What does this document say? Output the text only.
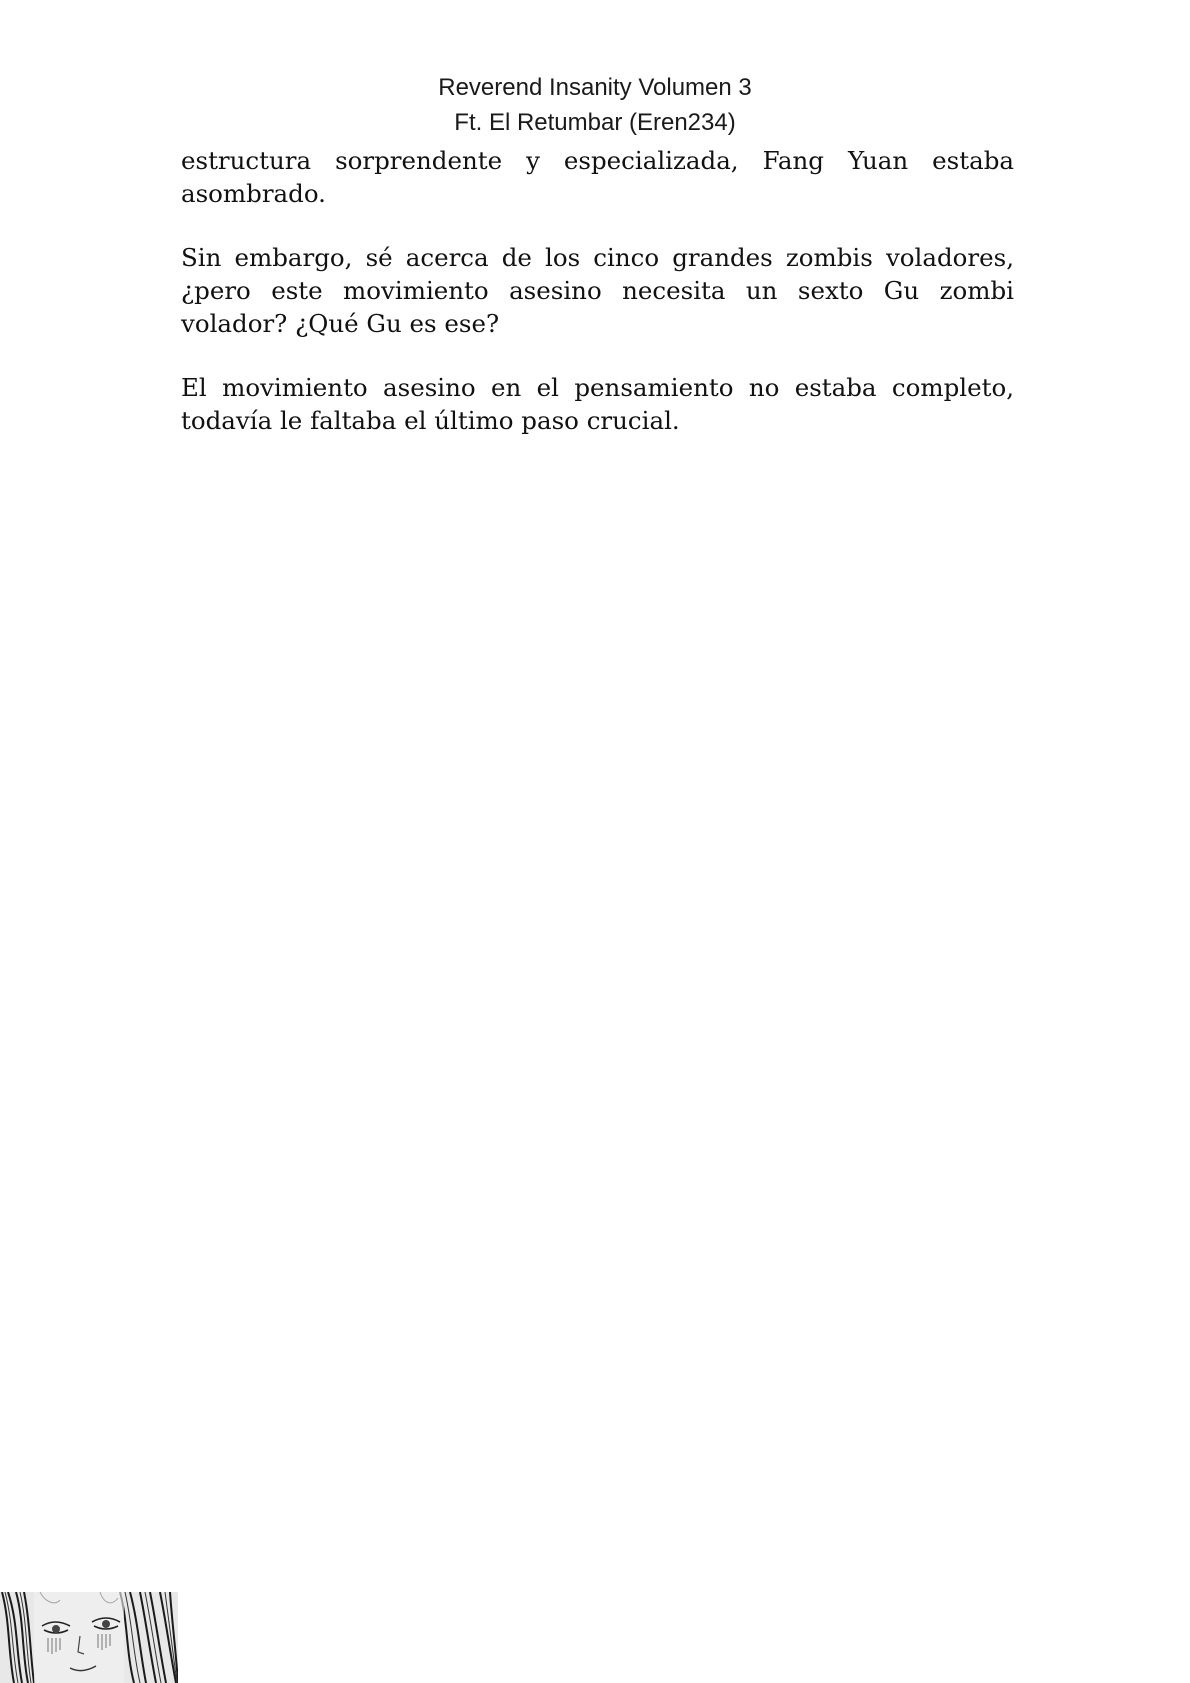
Reverend Insanity Volumen 3
Ft. El Retumbar (Eren234)

estructura sorprendente y especializada, Fang Yuan estaba asombrado.

Sin embargo, sé acerca de los cinco grandes zombis voladores, ¿pero este movimiento asesino necesita un sexto Gu zombi volador? ¿Qué Gu es ese?

El movimiento asesino en el pensamiento no estaba completo, todavía le faltaba el último paso crucial.
